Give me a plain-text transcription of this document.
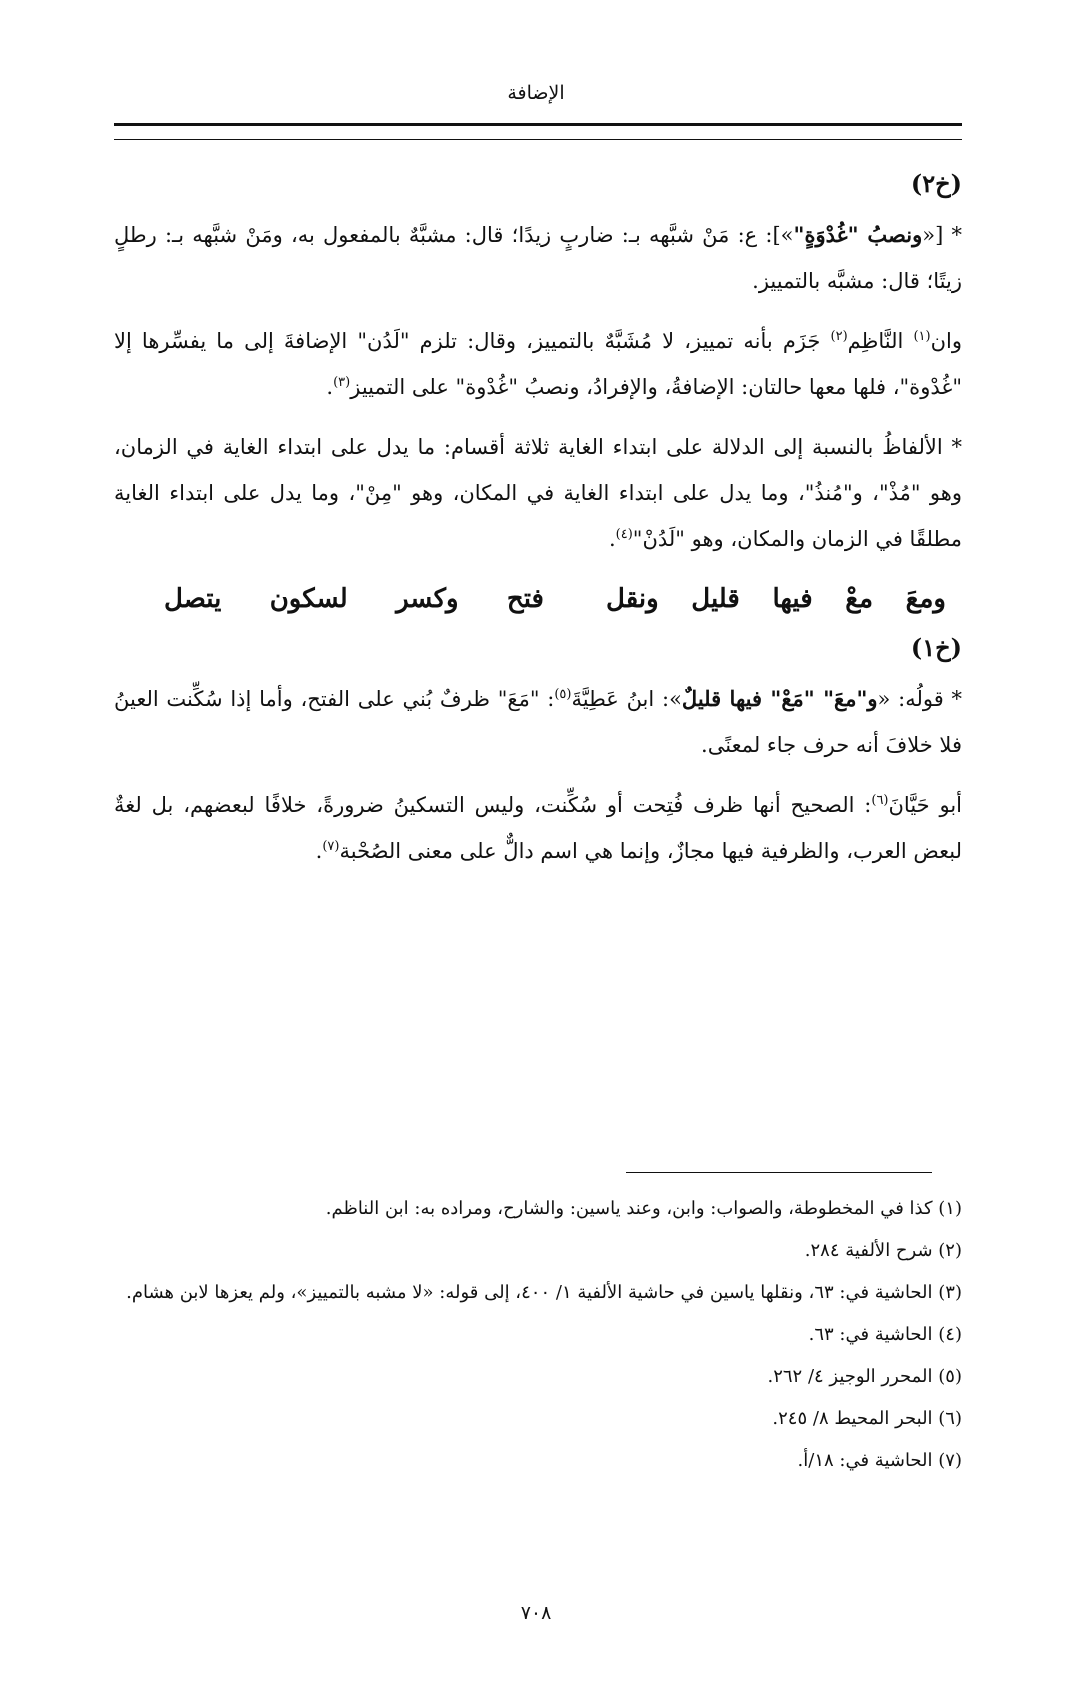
الإضافة
(خ٢)

* [«ونصبُ "غُدْوَةٍ"»]: ع: مَنْ شبَّهه بـ: ضاربٍ زيدًا؛ قال: مشبَّهٌ بالمفعول به، ومَنْ شبَّهه بـ: رطلٍ زيتًا؛ قال: مشبَّه بالتمييز.

وان$^{(١)}$ النَّاظِم$^{(٢)}$ جَزَم بأنه تمييز، لا مُشَبَّهٌ بالتمييز، وقال: تلزم "لَدُن" الإضافةَ إلى ما يفسِّرها إلا "غُدْوة"، فلها معها حالتان: الإضافةُ، والإفرادُ، ونصبُ "غُدْوة" على التمييز$^{(٣)}$.

* الألفاظُ بالنسبة إلى الدلالة على ابتداء الغاية ثلاثة أقسام: ما يدل على ابتداء الغاية في الزمان، وهو "مُذْ"، و"مُنذُ"، وما يدل على ابتداء الغاية في المكان، وهو "مِنْ"، وما يدل على ابتداء الغاية مطلقًا في الزمان والمكان، وهو "لَدُنْ"$^{(٤)}$.

ومعَ معْ فيها قليل ونقل
فتح وكسر لسكون يتصل
(خ١)

* قولُه: «و"معَ" "مَعْ" فيها قليلٌ»: ابنُ عَطِيَّةَ$^{(٥)}$: "مَعَ" ظرفٌ بُني على الفتح، وأما إذا سُكِّنت العينُ فلا خلافَ أنه حرف جاء لمعنًى.

أبو حَيَّانَ$^{(٦)}$: الصحيح أنها ظرف فُتِحت أو سُكِّنت، وليس التسكينُ ضرورةً، خلافًا لبعضهم، بل لغةٌ لبعض العرب، والظرفية فيها مجازٌ، وإنما هي اسم دالٌّ على معنى الصُحْبة$^{(٧)}$.

(١) كذا في المخطوطة، والصواب: وابن، وعند ياسين: والشارح، ومراده به: ابن الناظم.
(٢) شرح الألفية ٢٨٤.
(٣) الحاشية في: ٦٣، ونقلها ياسين في حاشية الألفية ١/ ٤٠٠، إلى قوله: «لا مشبه بالتمييز»، ولم يعزها لابن هشام.
(٤) الحاشية في: ٦٣.
(٥) المحرر الوجيز ٤/ ٢٦٢.
(٦) البحر المحيط ٨/ ٢٤٥.
(٧) الحاشية في: ١٨/أ.
٧٠٨
